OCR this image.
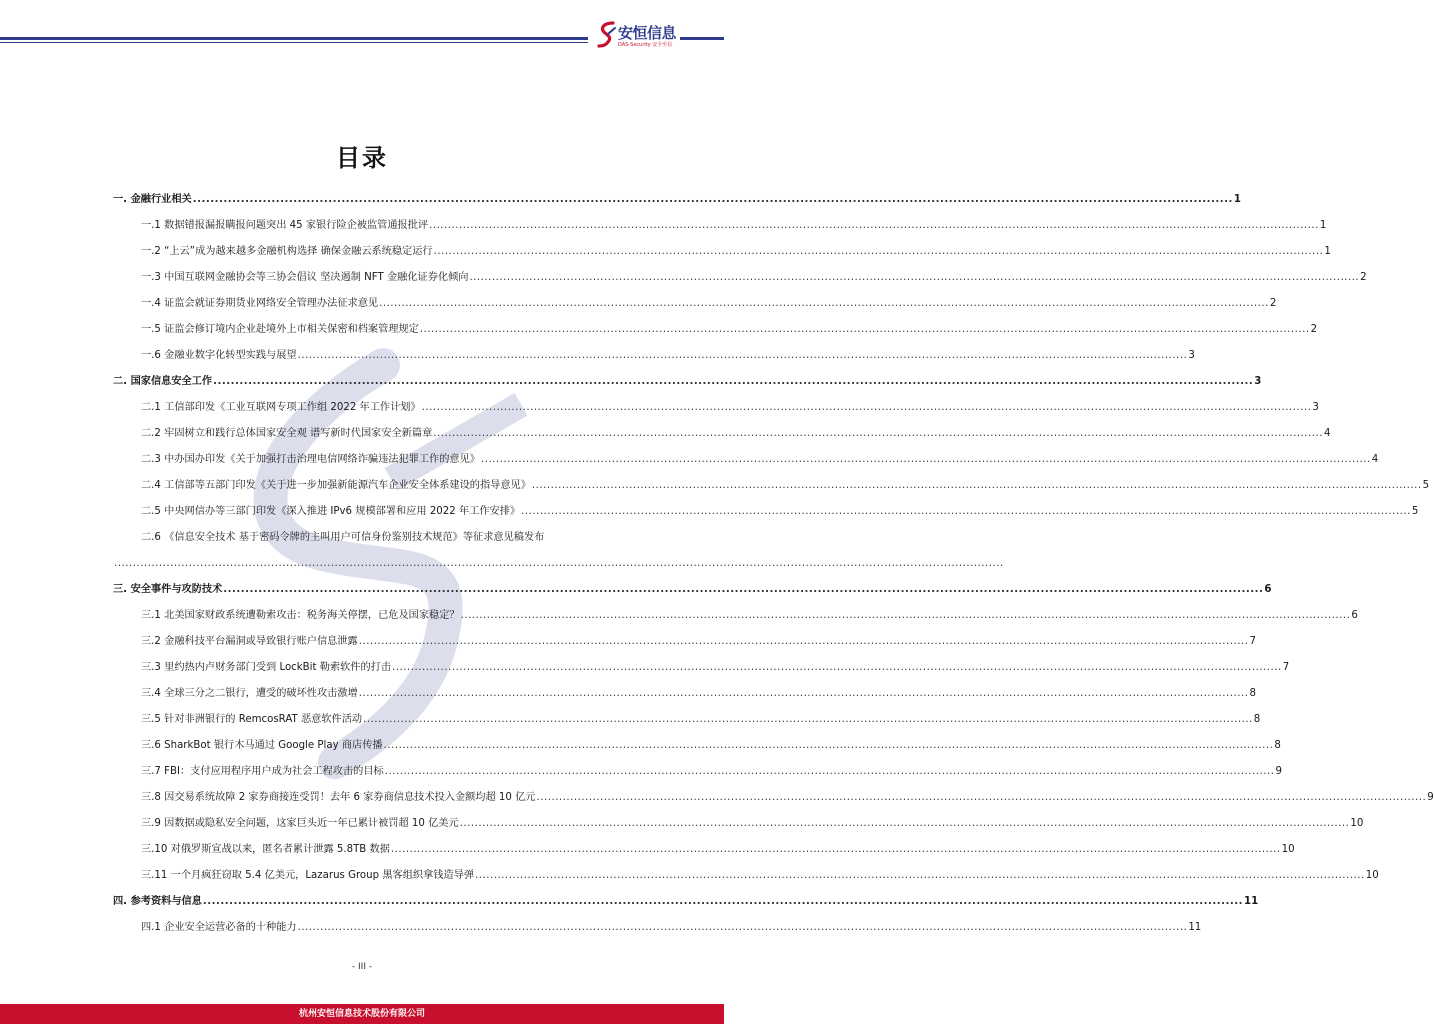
安恒信息
DAS-Security 安全至信
目录
一. 金融行业相关 .....	1
一.1 数据错报漏报瞒报问题突出 45 家银行险企被监管通报批评 .....	1
一.2 “上云”成为越来越多金融机构选择 确保金融云系统稳定运行 .....	1
一.3 中国互联网金融协会等三协会倡议 坚决遏制 NFT 金融化证券化倾向 .....	2
一.4 证监会就证券期货业网络安全管理办法征求意见 .....	2
一.5 证监会修订境内企业赴境外上市相关保密和档案管理规定 .....	2
一.6 金融业数字化转型实践与展望 .....	3
二. 国家信息安全工作 .....	3
二.1 工信部印发《工业互联网专项工作组 2022 年工作计划》 .....	3
二.2 牢固树立和践行总体国家安全观 谱写新时代国家安全新篇章 .....	4
二.3 中办国办印发《关于加强打击治理电信网络诈骗违法犯罪工作的意见》 .....	4
二.4 工信部等五部门印发《关于进一步加强新能源汽车企业安全体系建设的指导意见》 .....	5
二.5 中央网信办等三部门印发《深入推进 IPv6 规模部署和应用 2022 年工作安排》 .....	5
二.6 《信息安全技术 基于密码令牌的主叫用户可信身份鉴别技术规范》等征求意见稿发布
.....
三. 安全事件与攻防技术 .....	6
三.1 北美国家财政系统遭勒索攻击：税务海关停摆，已危及国家稳定？ .....	6
三.2 金融科技平台漏洞或导致银行账户信息泄露 .....	7
三.3 里约热内卢财务部门受到 LockBit 勒索软件的打击 .....	7
三.4 全球三分之二银行，遭受的破坏性攻击激增 .....	8
三.5 针对非洲银行的 RemcosRAT 恶意软件活动 .....	8
三.6 SharkBot 银行木马通过 Google Play 商店传播 .....	8
三.7 FBI：支付应用程序用户成为社会工程攻击的目标 .....	9
三.8 因交易系统故障 2 家券商接连受罚！去年 6 家券商信息技术投入金额均超 10 亿元 .....	9
三.9 因数据或隐私安全问题，这家巨头近一年已累计被罚超 10 亿美元 .....	10
三.10 对俄罗斯宣战以来，匿名者累计泄露 5.8TB 数据 .....	10
三.11 一个月疯狂窃取 5.4 亿美元，Lazarus Group 黑客组织拿钱造导弹 .....	10
四. 参考资料与信息 .....	11
四.1 企业安全运营必备的十种能力 .....	11
- III -
杭州安恒信息技术股份有限公司
